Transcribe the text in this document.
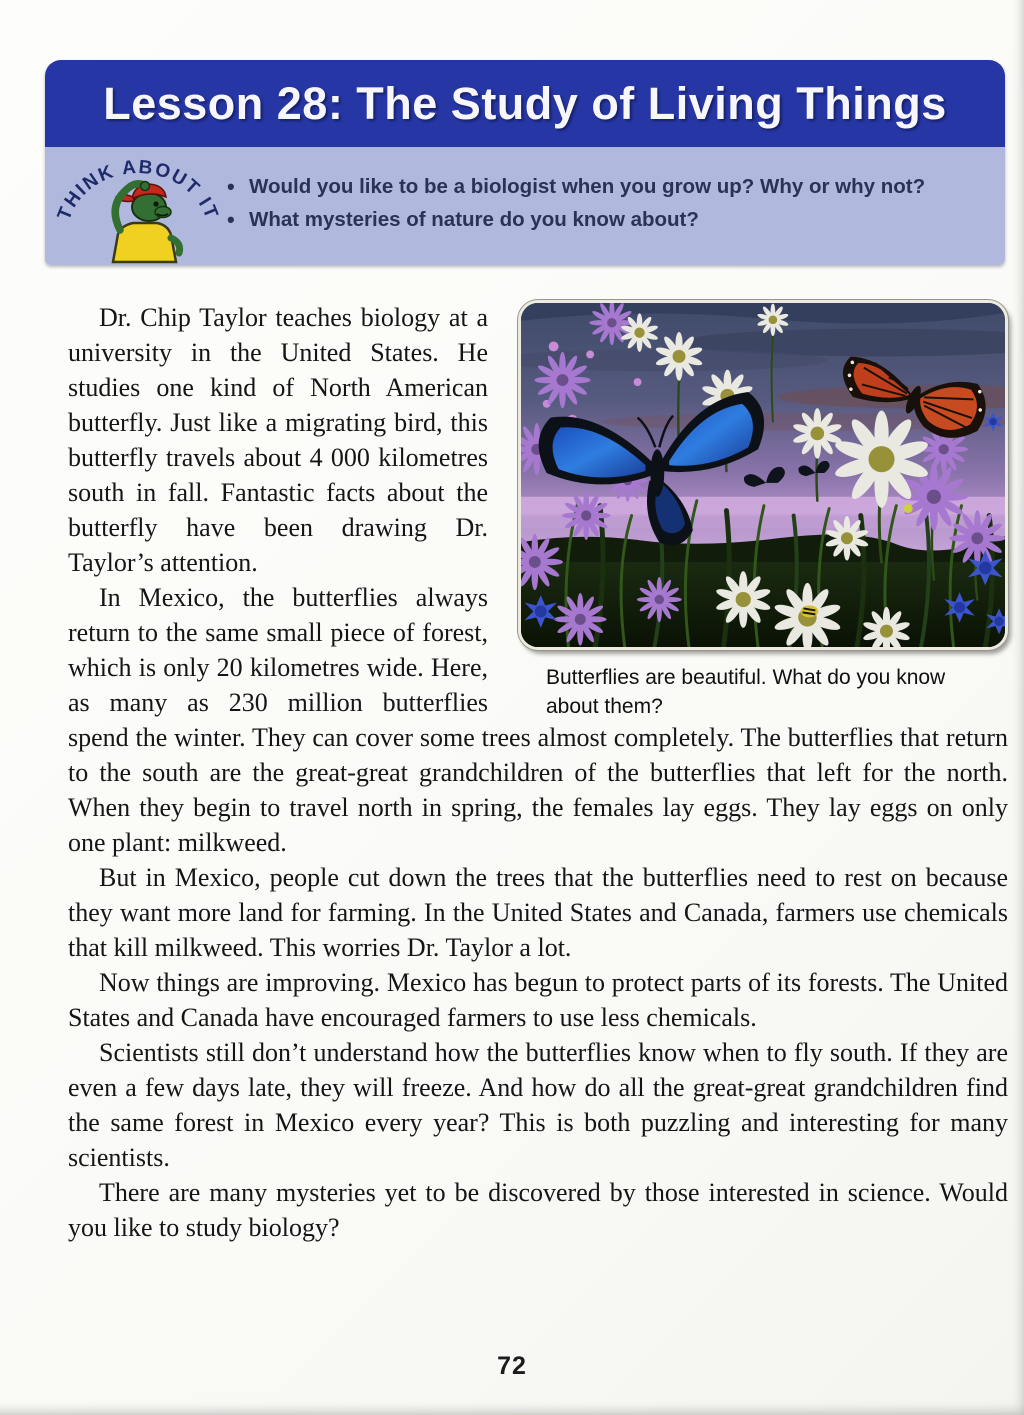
Lesson 28: The Study of Living Things
THINK ABOUT IT
• Would you like to be a biologist when you grow up? Why or why not?
• What mysteries of nature do you know about?
Butterflies are beautiful. What do you know about them?

Dr. Chip Taylor teaches biology at a university in the United States. He studies one kind of North American butterfly. Just like a migrating bird, this butterfly travels about 4 000 kilometres south in fall. Fantastic facts about the butterfly have been drawing Dr. Taylor’s attention.

In Mexico, the butterflies always return to the same small piece of forest, which is only 20 kilometres wide. Here, as many as 230 million butterflies spend the winter. They can cover some trees almost completely. The butterflies that return to the south are the great-great grandchildren of the butterflies that left for the north. When they begin to travel north in spring, the females lay eggs. They lay eggs on only one plant: milkweed.

But in Mexico, people cut down the trees that the butterflies need to rest on because they want more land for farming. In the United States and Canada, farmers use chemicals that kill milkweed. This worries Dr. Taylor a lot.

Now things are improving. Mexico has begun to protect parts of its forests. The United States and Canada have encouraged farmers to use less chemicals.

Scientists still don’t understand how the butterflies know when to fly south. If they are even a few days late, they will freeze. And how do all the great-great grandchildren find the same forest in Mexico every year? This is both puzzling and interesting for many scientists.

There are many mysteries yet to be discovered by those interested in science. Would you like to study biology?

72
